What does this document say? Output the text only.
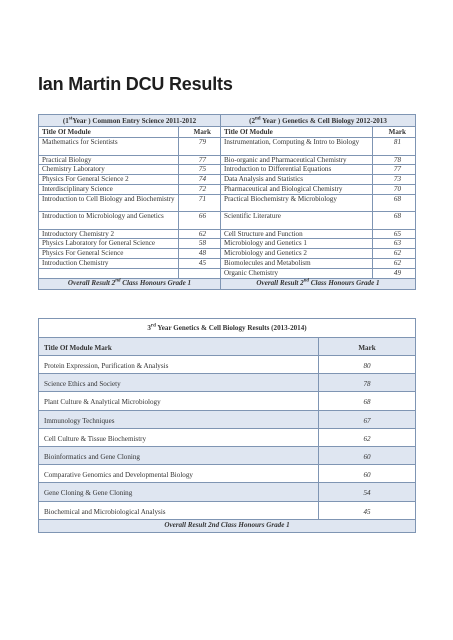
Ian Martin DCU Results
(1stYear ) Common Entry Science 2011-2012		(2nd Year ) Genetics & Cell Biology 2012-2013	
Title Of Module	Mark	Title Of Module	Mark
Mathematics for Scientists	79	Instrumentation, Computing & Intro to Biology	81
Practical Biology	77	Bio-organic and Pharmaceutical Chemistry	78
Chemistry Laboratory	75	Introduction to Differential Equations	77
Physics For General Science 2	74	Data Analysis and Statistics	73
Interdisciplinary Science	72	Pharmaceutical and Biological Chemistry	70
Introduction to Cell Biology and Biochemistry	71	Practical Biochemistry & Microbiology	68
Introduction to Microbiology and Genetics	66	Scientific Literature	68
Introductory Chemistry 2	62	Cell Structure and Function	65
Physics Laboratory for General Science	58	Microbiology and Genetics 1	63
Physics For General Science	48	Microbiology and Genetics 2	62
Introduction Chemistry	45	Biomolecules and Metabolism	62
		Organic Chemistry	49
Overall Result 2nd Class Honours Grade 1		Overall Result 2nd Class Honours Grade 1	
3rd Year Genetics & Cell Biology Results (2013-2014)	
Title Of Module Mark	Mark
Protein Expression, Purification & Analysis	80
Science Ethics and Society	78
Plant Culture & Analytical Microbiology	68
Immunology Techniques	67
Cell Culture & Tissue Biochemistry	62
Bioinformatics and Gene Cloning	60
Comparative Genomics and Developmental Biology	60
Gene Cloning & Gene Cloning	54
Biochemical and Microbiological Analysis	45
Overall Result 2nd Class Honours Grade 1	
